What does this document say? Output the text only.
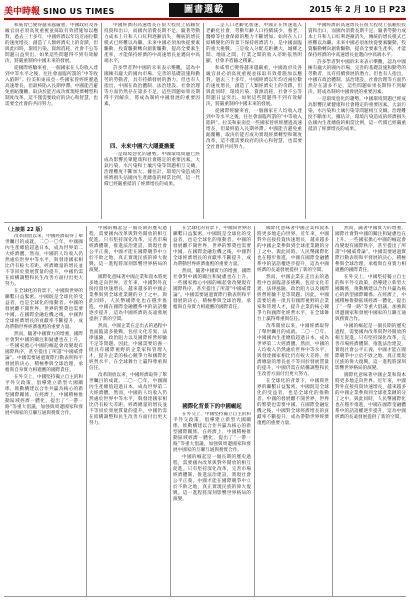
美中時報 SINO US TIMES	圖書選載	2015 年 2 月 10 日 P23

和威脅已變得越來越嚴重，中國政府及各級官員必須高度重視並採取有效措施加以應對。過去三十多年，中國經濟以年均近兩位數的速度增長，創造了人類經濟史上的奇蹟，但與此同時，環境污染、資源消耗、社會不公等問題日益突出。如果這些問題得不到有效解決，將嚴重制約中國未來的發展。

從國際經驗來看，一個國家在人均收入達到中等水平之後，往往會面臨所謂的“中等收入陷阱”。拉美和東南亞一些國家曾經經歷過高速增長，但最終陷入長期停滯。中國能否避免重蹈覆轍，取決於能否成功實現經濟轉型和制度改革。這不僅需要政府的決心和智慧，也需要全社會的共同努力。

中國經濟的高速增長在很大程度上依賴於投資和出口，而國內消費長期不足。隨著勞動力成本上升和人口紅利逐漸消失，傳統的增長模式已經難以為繼。未來中國必須加快從要素驅動、投資驅動轉向創新驅動，提高全要素生產率，才能保持經濟的中高速增長並邁向中高端水平。

許多學者對中國的未來表示樂觀，認為中國擁有龐大的國內市場、完善的基礎設施和勤勞的勞動者，具有持續發展的潛力。但也有人指出，中國在政治體制、法治建設、社會治理等方面仍然存在諸多不足，這些問題如果長期得不到解決，將成為制約中國發展的重要因素。

四、未來中國六大隱憂擔憂

一是環境惡化的趨勢。中國環境問題已經成為影響民眾健康和社會穩定的重要因素。大氣污染、水污染和土壤污染等問題相互交織，治理難度不斷加大。據估計，環境污染造成的經濟損失佔國內生產總值的相當比例，這一代價已經嚴重抵消了經濟增長的成果。

二是人口老齡化加速。中國正在快速進入老齡化社會，勞動年齡人口持續減少，養老、醫療等社會保障的壓力不斷增加。如何在人口結構變化的背景下保持經濟活力，是中國面臨的重大挑戰。三是收入分配差距擴大，城鄉之間、地區之間、行業之間的收入差距依然明顯，社會矛盾隨之積累。

和威脅已變得越來越嚴重，中國政府及各級官員必須高度重視並採取有效措施加以應對。過去三十多年，中國經濟以年均近兩位數的速度增長，創造了人類經濟史上的奇蹟，但與此同時，環境污染、資源消耗、社會不公等問題日益突出。如果這些問題得不到有效解決，將嚴重制約中國未來的發展。

從國際經驗來看，一個國家在人均收入達到中等水平之後，往往會面臨所謂的“中等收入陷阱”。拉美和東南亞一些國家曾經經歷過高速增長，但最終陷入長期停滯。中國能否避免重蹈覆轍，取決於能否成功實現經濟轉型和制度改革。這不僅需要政府的決心和智慧，也需要全社會的共同努力。

中國經濟的高速增長在很大程度上依賴於投資和出口，而國內消費長期不足。隨著勞動力成本上升和人口紅利逐漸消失，傳統的增長模式已經難以為繼。未來中國必須加快從要素驅動、投資驅動轉向創新驅動，提高全要素生產率，才能保持經濟的中高速增長並邁向中高端水平。

許多學者對中國的未來表示樂觀，認為中國擁有龐大的國內市場、完善的基礎設施和勤勞的勞動者，具有持續發展的潛力。但也有人指出，中國在政治體制、法治建設、社會治理等方面仍然存在諸多不足，這些問題如果長期得不到解決，將成為制約中國發展的重要因素。

一是環境惡化的趨勢。中國環境問題已經成為影響民眾健康和社會穩定的重要因素。大氣污染、水污染和土壤污染等問題相互交織，治理難度不斷加大。據估計，環境污染造成的經濟損失佔國內生產總值的相當比例，這一代價已經嚴重抵消了經濟增長的成果。

（上接第 22 版）

改革開放以來，中國經濟取得了舉世矚目的成就。二〇一〇年，中國國內生產總值超過日本，成為世界第二大經濟體。然而，中國的人均收入仍然處於世界中等水平，與發達國家相比仍有較大差距。經濟總量的增長並不等同於發展質量的提升，中國仍需在結構調整和民生改善方面付出更大努力。

在全球化的背景下，中國與世界的聯繫日益緊密。中國既是全球化的受益者，也是全球化的推動者。中國的發展離不開世界，世界的繁榮也需要中國。在國際金融危機之後，中國對全球經濟增長的貢獻率不斷提升，成為帶動世界經濟復甦的重要力量。

然而，隨著中國實力的增強，國際社會對中國的關注和疑慮也在上升。一些國家擔心中國的崛起會改變現有國際秩序，甚至提出了所謂“中國威脅論”。中國需要通過實際行動表明和平發展的決心，積極參與全球治理，承擔與自身實力相適應的國際責任。

在外交上，中國堅持獨立自主的和平外交政策，倡導建立新型大國關係，推動構建以合作共贏為核心的新型國際關係。在經濟上，中國積極推動區域經濟一體化，提出了“一帶一路”等重大倡議，加強與周邊國家和發展中國家的互聯互通與務實合作。

中國的崛起是一個長期的歷史過程，需要國內改革與對外開放的相互促進。只有堅持深化改革，完善市場經濟體制，推進法治建設，實現社會公平正義，中國才能在國際競爭中立於不敗之地，真正實現民族的偉大復興。這一進程將深刻影響世界格局的演變。

國際化意味著中國企業和資本將更多地走向世界。近年來，中國對外直接投資快速增長，越來越多的中國企業參與到全球產業鏈的分工之中。與此同時，人民幣國際化也在穩步推進，中國在國際金融體系中的話語權逐步提升，這為中國經濟的長遠發展提供了新的空間。

然而，中國企業在走出去的過程中也面臨諸多挑戰，包括文化差異、法律風險、政治阻力以及國際經營經驗不足等問題。因此，中國需要培養一批具有國際視野的企業家和管理人才，提升企業的核心競爭力和國際化經營水平，在全球舞台上贏得尊重與信任。

改革開放以來，中國經濟取得了舉世矚目的成就。二〇一〇年，中國國內生產總值超過日本，成為世界第二大經濟體。然而，中國的人均收入仍然處於世界中等水平，與發達國家相比仍有較大差距。經濟總量的增長並不等同於發展質量的提升，中國仍需在結構調整和民生改善方面付出更大努力。

在全球化的背景下，中國與世界的聯繫日益緊密。中國既是全球化的受益者，也是全球化的推動者。中國的發展離不開世界，世界的繁榮也需要中國。在國際金融危機之後，中國對全球經濟增長的貢獻率不斷提升，成為帶動世界經濟復甦的重要力量。

然而，隨著中國實力的增強，國際社會對中國的關注和疑慮也在上升。一些國家擔心中國的崛起會改變現有國際秩序，甚至提出了所謂“中國威脅論”。中國需要通過實際行動表明和平發展的決心，積極參與全球治理，承擔與自身實力相適應的國際責任。

國際化背景下的中國崛起

在外交上，中國堅持獨立自主的和平外交政策，倡導建立新型大國關係，推動構建以合作共贏為核心的新型國際關係。在經濟上，中國積極推動區域經濟一體化，提出了“一帶一路”等重大倡議，加強與周邊國家和發展中國家的互聯互通與務實合作。

中國的崛起是一個長期的歷史過程，需要國內改革與對外開放的相互促進。只有堅持深化改革，完善市場經濟體制，推進法治建設，實現社會公平正義，中國才能在國際競爭中立於不敗之地，真正實現民族的偉大復興。這一進程將深刻影響世界格局的演變。

國際化意味著中國企業和資本將更多地走向世界。近年來，中國對外直接投資快速增長，越來越多的中國企業參與到全球產業鏈的分工之中。與此同時，人民幣國際化也在穩步推進，中國在國際金融體系中的話語權逐步提升，這為中國經濟的長遠發展提供了新的空間。

然而，中國企業在走出去的過程中也面臨諸多挑戰，包括文化差異、法律風險、政治阻力以及國際經營經驗不足等問題。因此，中國需要培養一批具有國際視野的企業家和管理人才，提升企業的核心競爭力和國際化經營水平，在全球舞台上贏得尊重與信任。

改革開放以來，中國經濟取得了舉世矚目的成就。二〇一〇年，中國國內生產總值超過日本，成為世界第二大經濟體。然而，中國的人均收入仍然處於世界中等水平，與發達國家相比仍有較大差距。經濟總量的增長並不等同於發展質量的提升，中國仍需在結構調整和民生改善方面付出更大努力。

在全球化的背景下，中國與世界的聯繫日益緊密。中國既是全球化的受益者，也是全球化的推動者。中國的發展離不開世界，世界的繁榮也需要中國。在國際金融危機之後，中國對全球經濟增長的貢獻率不斷提升，成為帶動世界經濟復甦的重要力量。

然而，隨著中國實力的增強，國際社會對中國的關注和疑慮也在上升。一些國家擔心中國的崛起會改變現有國際秩序，甚至提出了所謂“中國威脅論”。中國需要通過實際行動表明和平發展的決心，積極參與全球治理，承擔與自身實力相適應的國際責任。

在外交上，中國堅持獨立自主的和平外交政策，倡導建立新型大國關係，推動構建以合作共贏為核心的新型國際關係。在經濟上，中國積極推動區域經濟一體化，提出了“一帶一路”等重大倡議，加強與周邊國家和發展中國家的互聯互通與務實合作。

中國的崛起是一個長期的歷史過程，需要國內改革與對外開放的相互促進。只有堅持深化改革，完善市場經濟體制，推進法治建設，實現社會公平正義，中國才能在國際競爭中立於不敗之地，真正實現民族的偉大復興。這一進程將深刻影響世界格局的演變。

國際化意味著中國企業和資本將更多地走向世界。近年來，中國對外直接投資快速增長，越來越多的中國企業參與到全球產業鏈的分工之中。與此同時，人民幣國際化也在穩步推進，中國在國際金融體系中的話語權逐步提升，這為中國經濟的長遠發展提供了新的空間。
